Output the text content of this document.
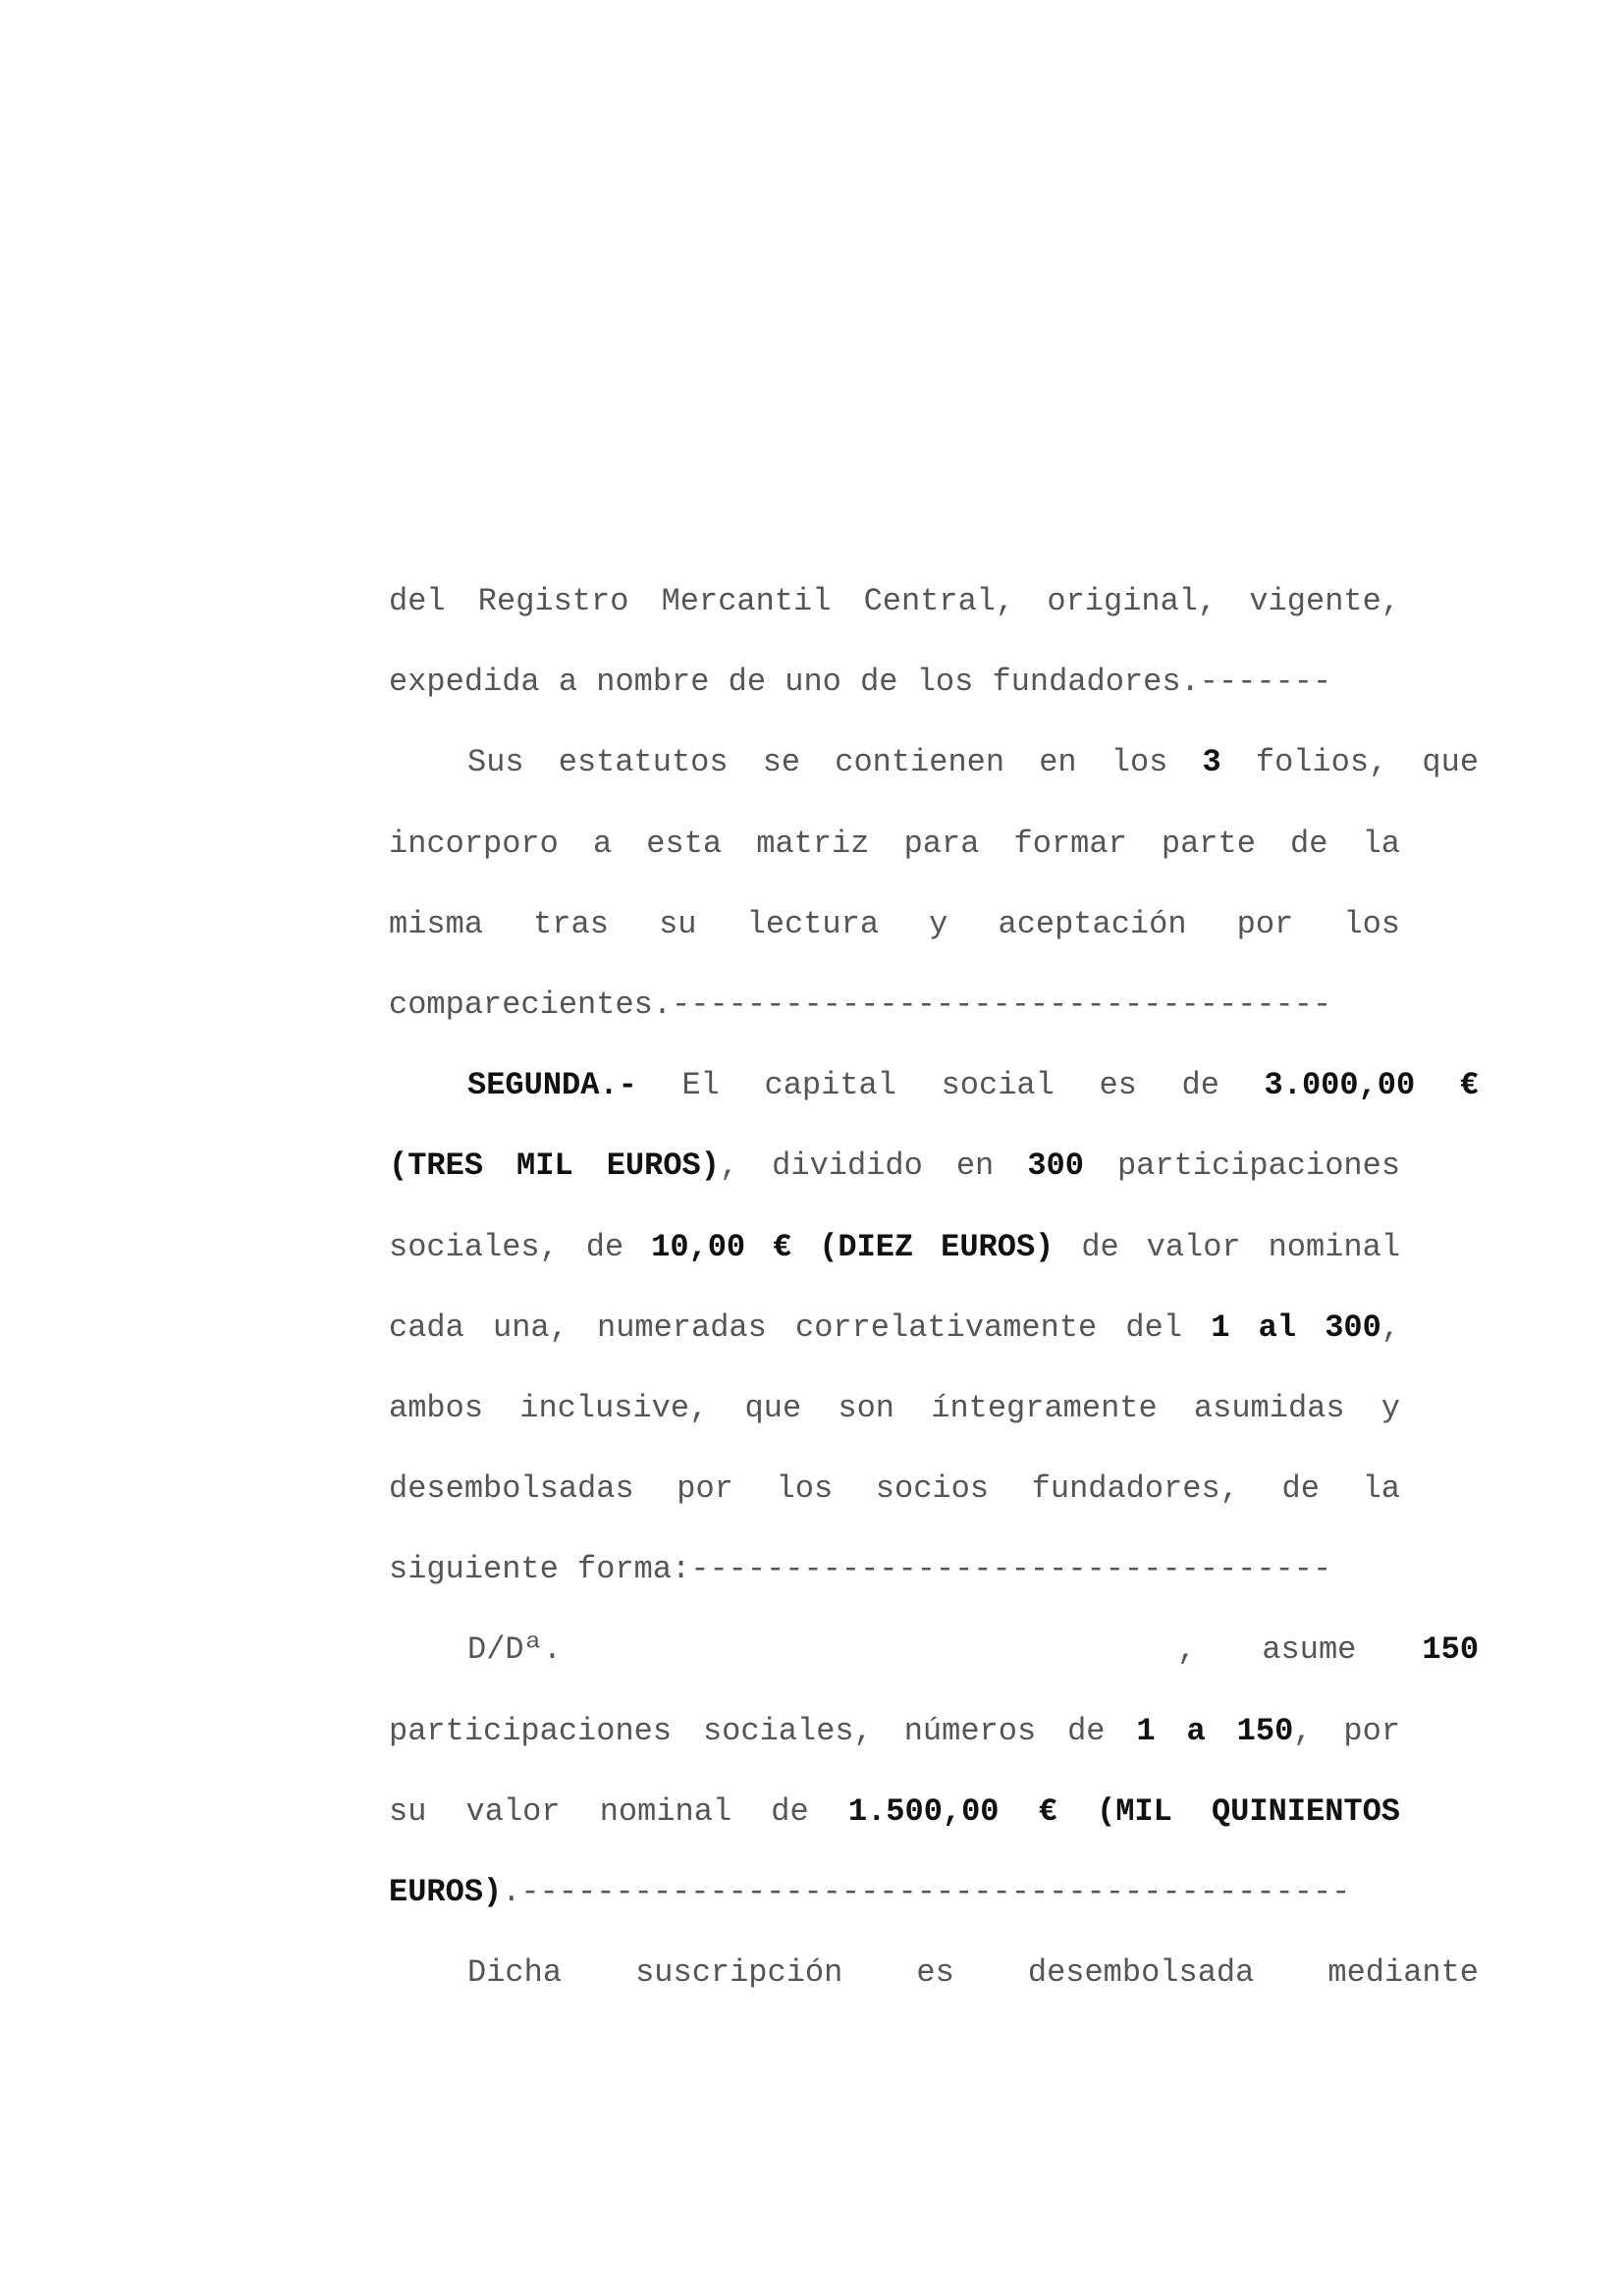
del Registro Mercantil Central, original, vigente,

expedida a nombre de uno de los fundadores.-------

Sus estatutos se contienen en los 3 folios, que

incorporo a esta matriz para formar parte de la

misma tras su lectura y aceptación por los

comparecientes.-----------------------------------

SEGUNDA.- El capital social es de 3.000,00 €

(TRES MIL EUROS), dividido en 300 participaciones

sociales, de 10,00 € (DIEZ EUROS) de valor nominal

cada una, numeradas correlativamente del 1 al 300,

ambos inclusive, que son íntegramente asumidas y

desembolsadas por los socios fundadores, de la

siguiente forma:----------------------------------

D/Dª.	, asume 150

participaciones sociales, números de 1 a 150, por

su valor nominal de 1.500,00 € (MIL QUINIENTOS

EUROS).--------------------------------------------

Dicha suscripción es desembolsada mediante
